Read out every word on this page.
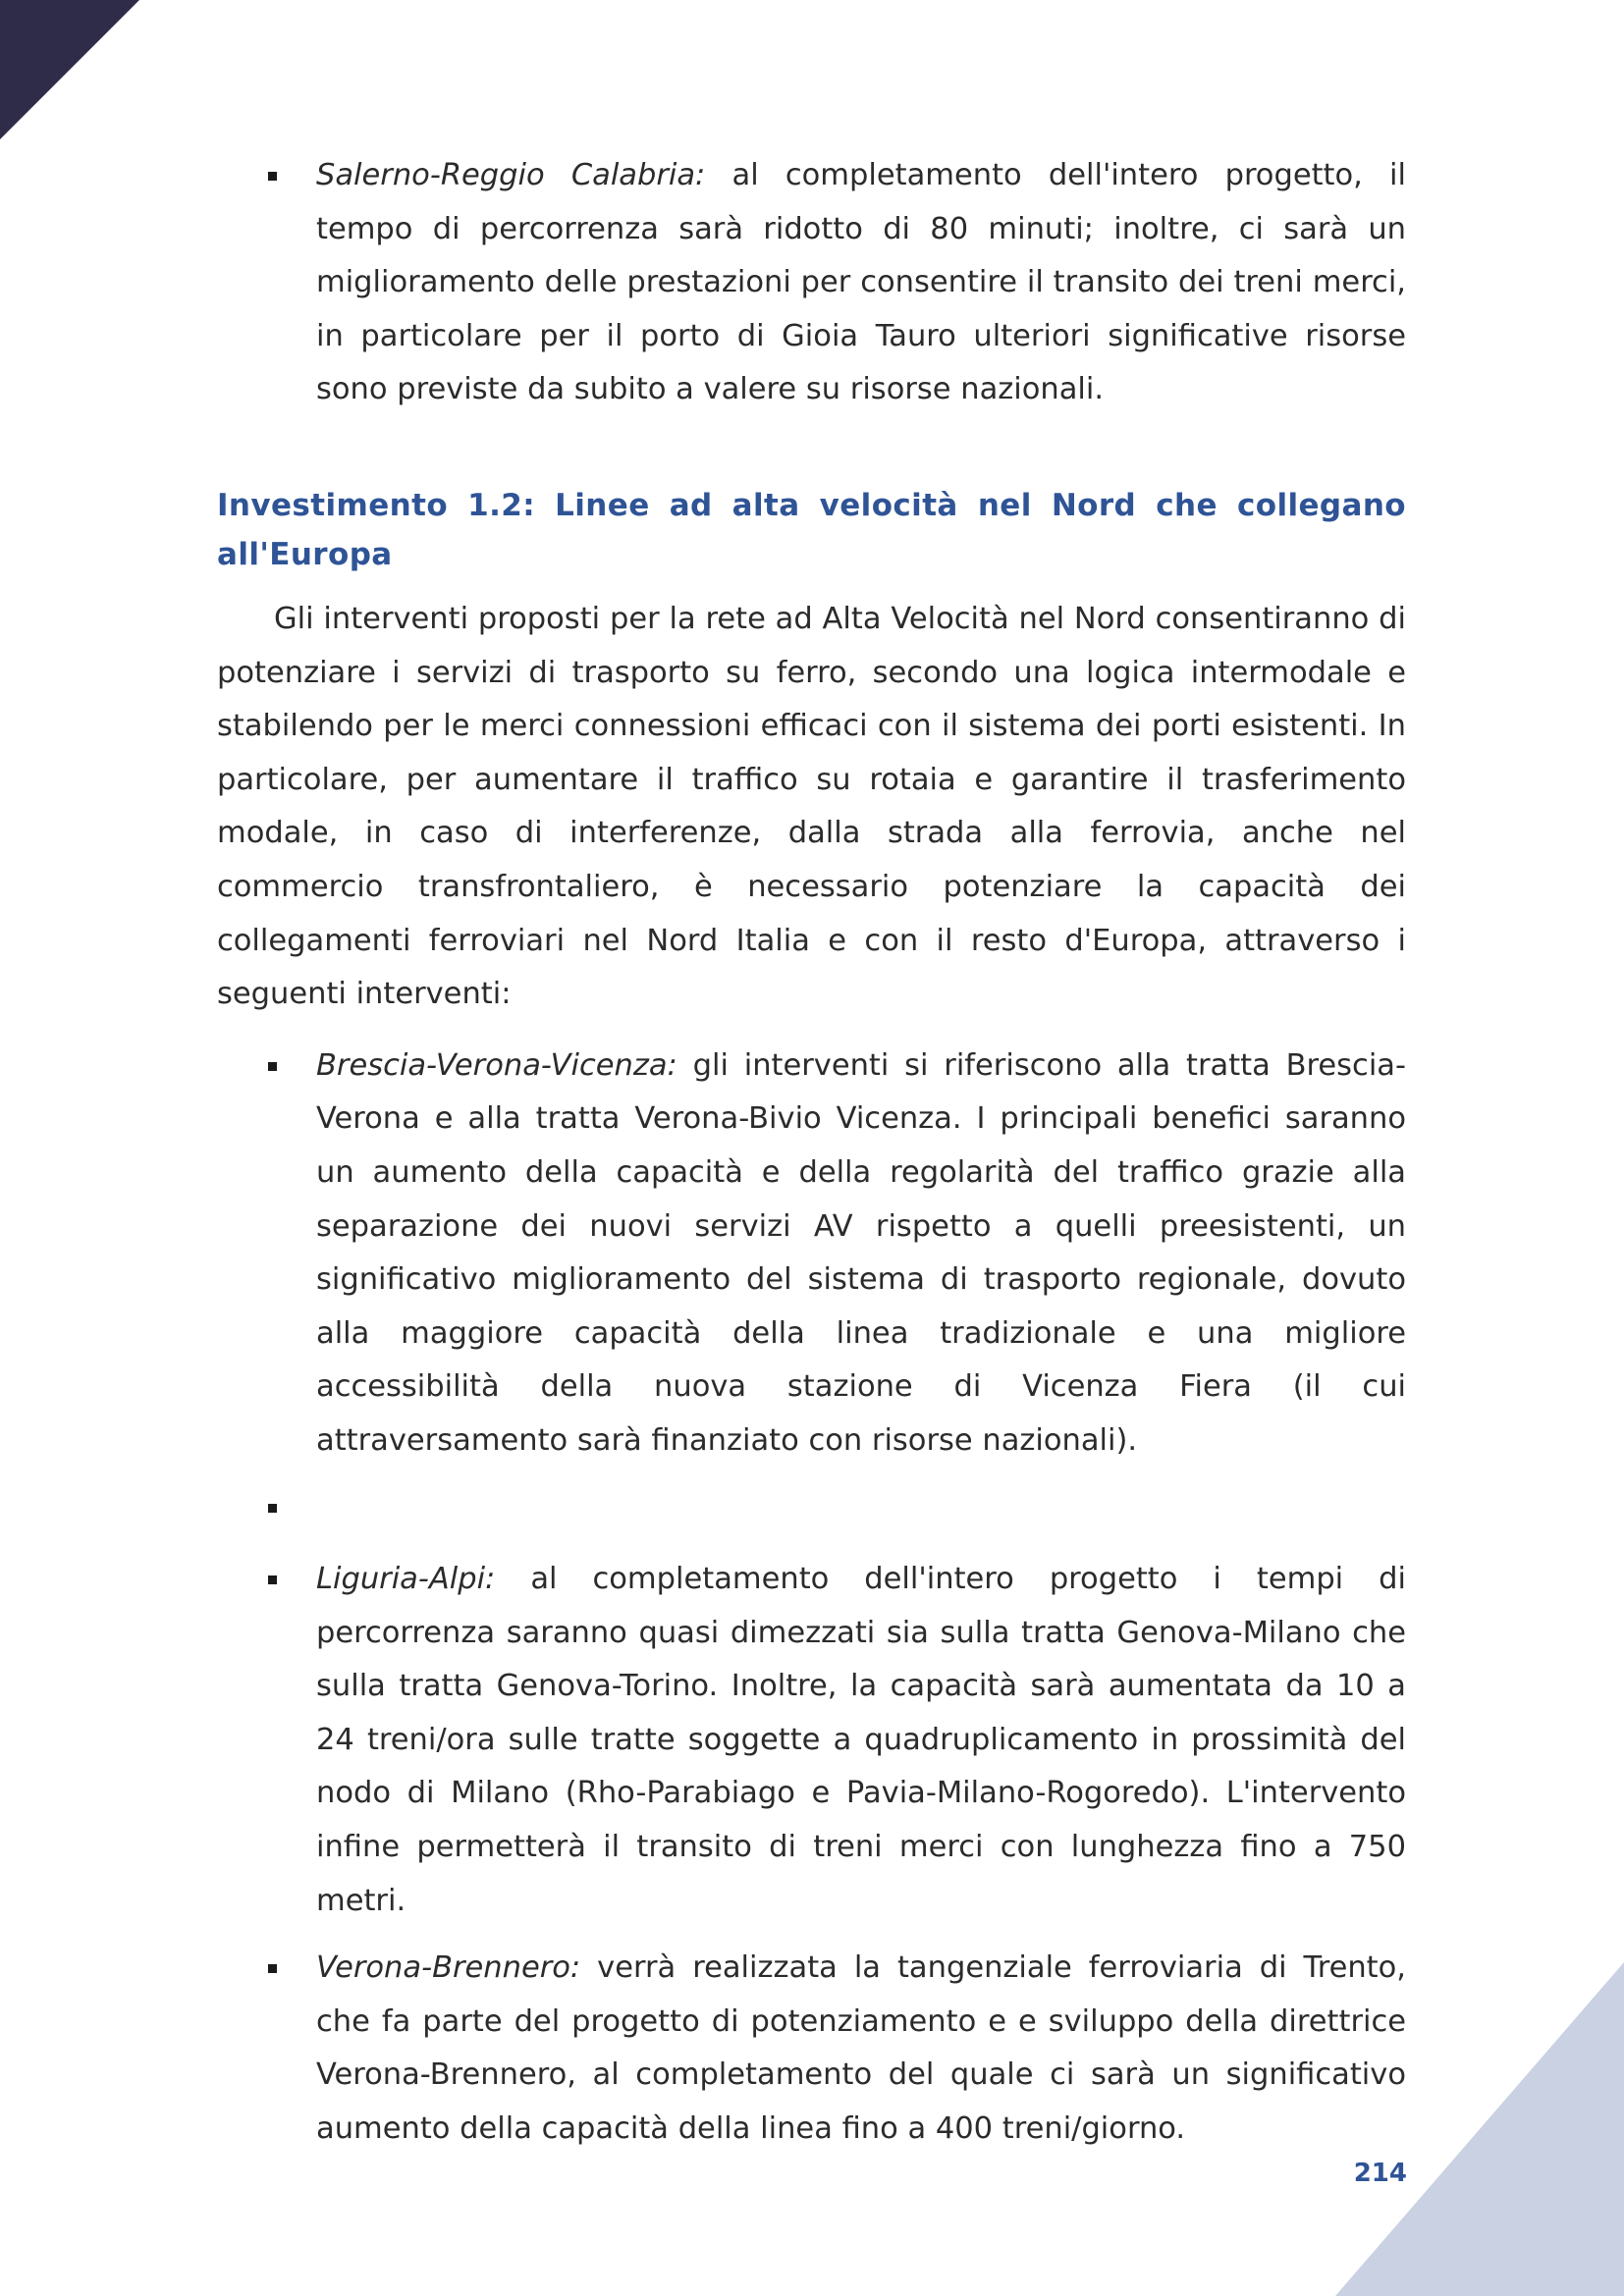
Salerno-Reggio Calabria: al completamento dell'intero progetto, il tempo di percorrenza sarà ridotto di 80 minuti; inoltre, ci sarà un miglioramento delle prestazioni per consentire il transito dei treni merci, in particolare per il porto di Gioia Tauro ulteriori significative risorse sono previste da subito a valere su risorse nazionali.
Investimento 1.2: Linee ad alta velocità nel Nord che collegano all'Europa

Gli interventi proposti per la rete ad Alta Velocità nel Nord consentiranno di potenziare i servizi di trasporto su ferro, secondo una logica intermodale e stabilendo per le merci connessioni efficaci con il sistema dei porti esistenti. In particolare, per aumentare il traffico su rotaia e garantire il trasferimento modale, in caso di interferenze, dalla strada alla ferrovia, anche nel commercio transfrontaliero, è necessario potenziare la capacità dei collegamenti ferroviari nel Nord Italia e con il resto d'Europa, attraverso i seguenti interventi:

Brescia-Verona-Vicenza: gli interventi si riferiscono alla tratta Brescia-Verona e alla tratta Verona-Bivio Vicenza. I principali benefici saranno un aumento della capacità e della regolarità del traffico grazie alla separazione dei nuovi servizi AV rispetto a quelli preesistenti, un significativo miglioramento del sistema di trasporto regionale, dovuto alla maggiore capacità della linea tradizionale e una migliore accessibilità della nuova stazione di Vicenza Fiera (il cui attraversamento sarà finanziato con risorse nazionali).
Liguria-Alpi: al completamento dell'intero progetto i tempi di percorrenza saranno quasi dimezzati sia sulla tratta Genova-Milano che sulla tratta Genova-Torino. Inoltre, la capacità sarà aumentata da 10 a 24 treni/ora sulle tratte soggette a quadruplicamento in prossimità del nodo di Milano (Rho-Parabiago e Pavia-Milano-Rogoredo). L'intervento infine permetterà il transito di treni merci con lunghezza fino a 750 metri.
Verona-Brennero: verrà realizzata la tangenziale ferroviaria di Trento, che fa parte del progetto di potenziamento e e sviluppo della direttrice Verona-Brennero, al completamento del quale ci sarà un significativo aumento della capacità della linea fino a 400 treni/giorno.
214
